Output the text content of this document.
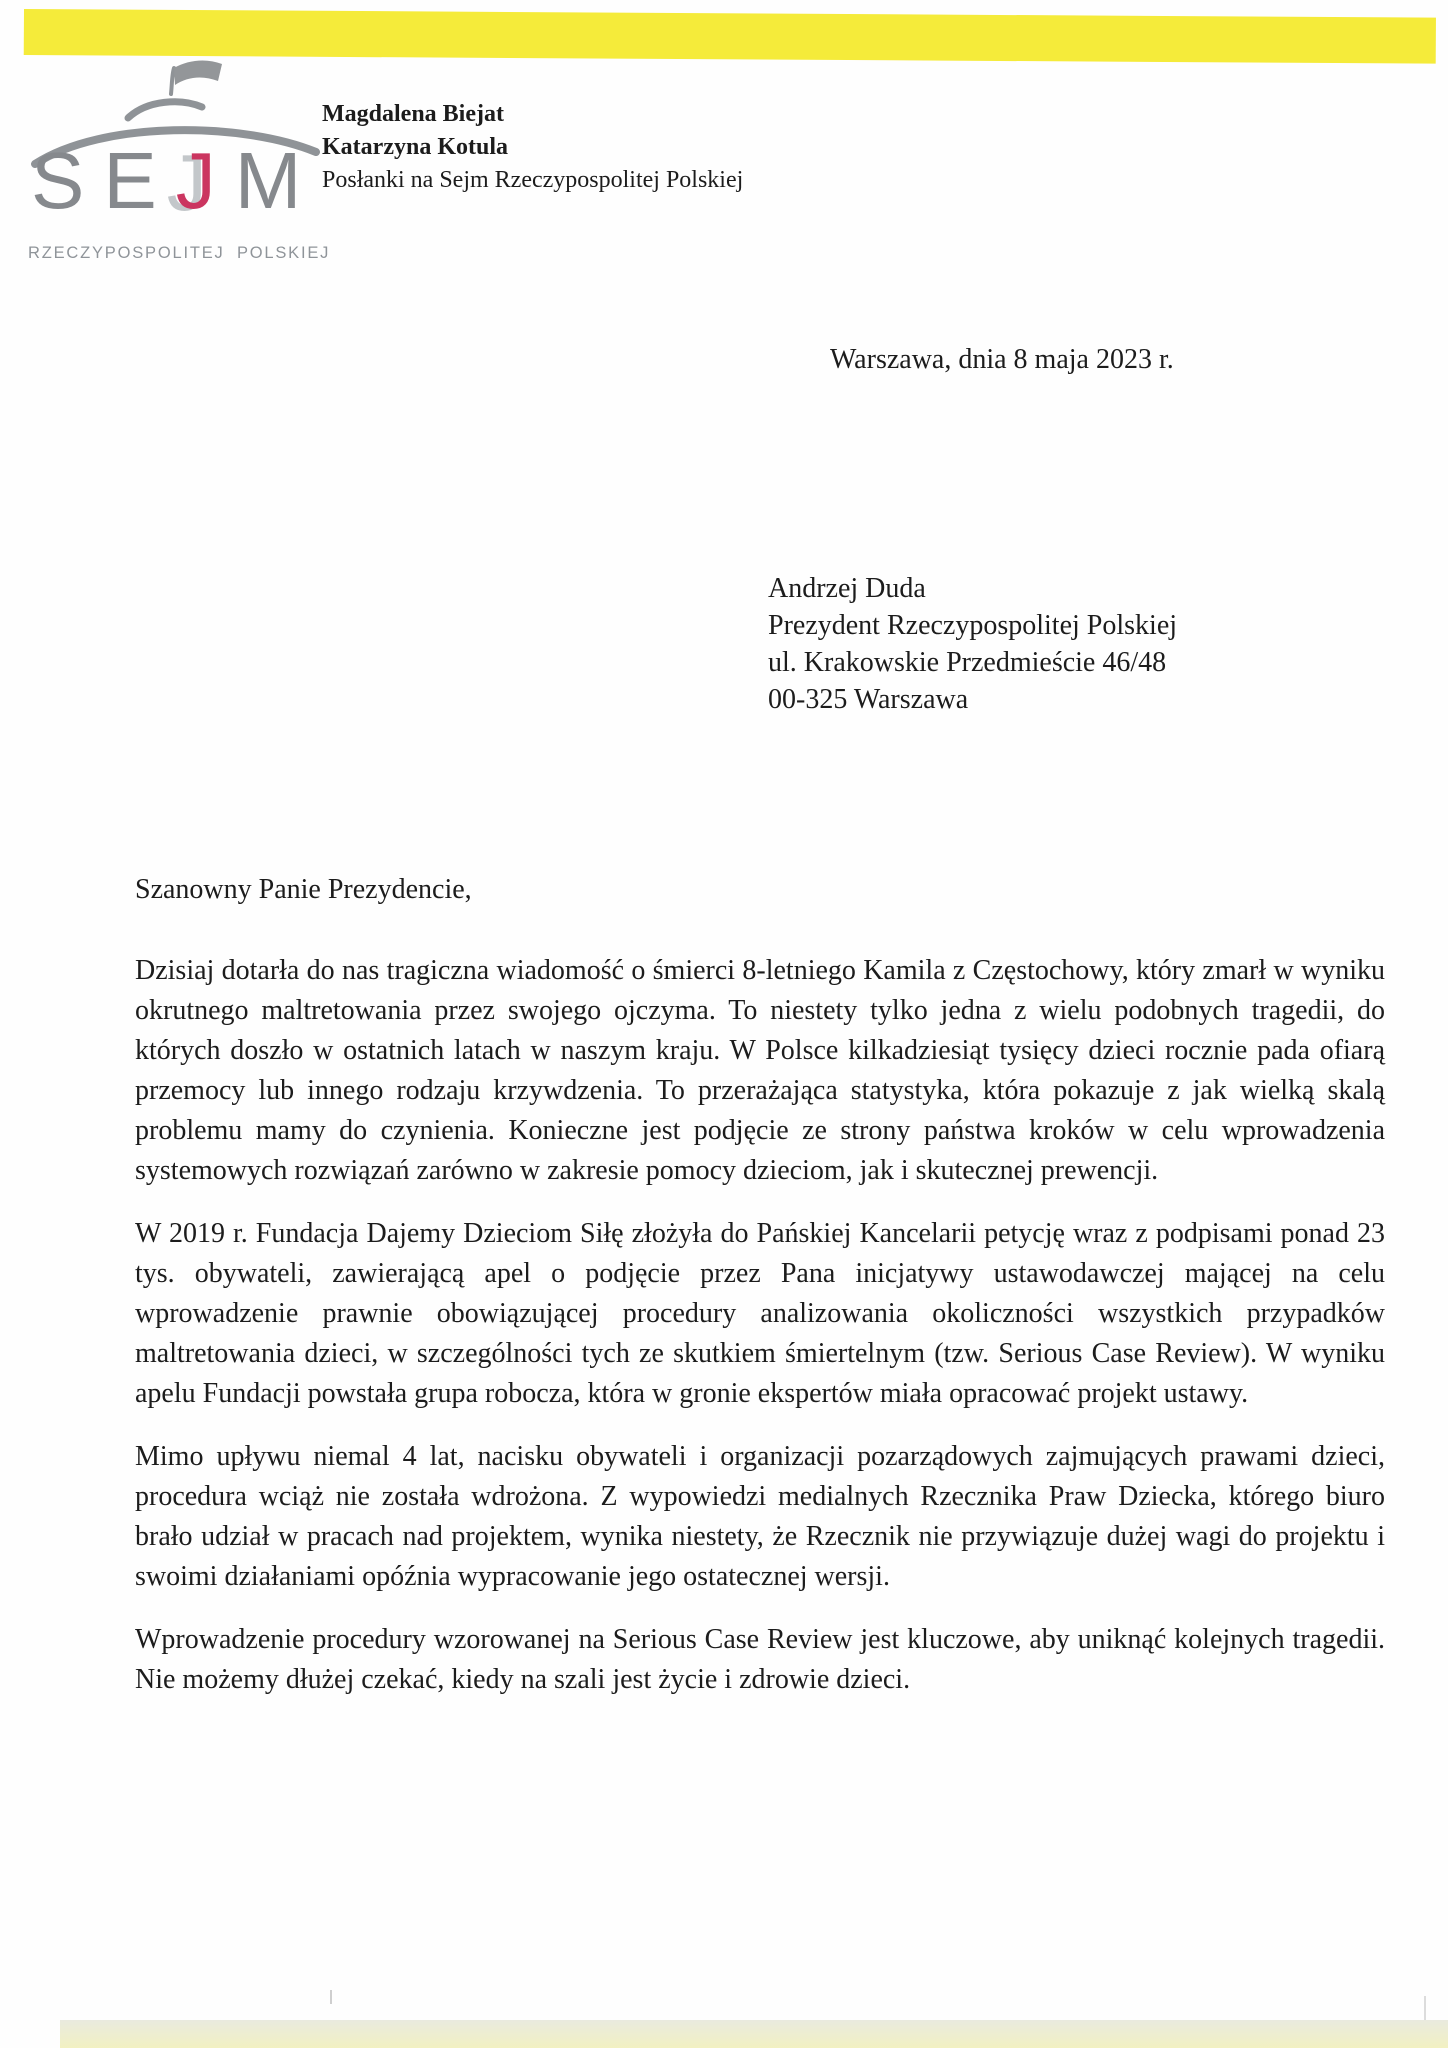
S E J M
RZECZYPOSPOLITEJ POLSKIEJ
Magdalena Biejat
Katarzyna Kotula
Posłanki na Sejm Rzeczypospolitej Polskiej
Warszawa, dnia 8 maja 2023 r.
Andrzej Duda
Prezydent Rzeczypospolitej Polskiej
ul. Krakowskie Przedmieście 46/48
00-325 Warszawa
Szanowny Panie Prezydencie,

Dzisiaj dotarła do nas tragiczna wiadomość o śmierci 8-letniego Kamila z Częstochowy, który zmarł w wyniku okrutnego maltretowania przez swojego ojczyma. To niestety tylko jedna z wielu podobnych tragedii, do których doszło w ostatnich latach w naszym kraju. W Polsce kilkadziesiąt tysięcy dzieci rocznie pada ofiarą przemocy lub innego rodzaju krzywdzenia. To przerażająca statystyka, która pokazuje z jak wielką skalą problemu mamy do czynienia. Konieczne jest podjęcie ze strony państwa kroków w celu wprowadzenia systemowych rozwiązań zarówno w zakresie pomocy dzieciom, jak i skutecznej prewencji.

W 2019 r. Fundacja Dajemy Dzieciom Siłę złożyła do Pańskiej Kancelarii petycję wraz z podpisami ponad 23 tys. obywateli, zawierającą apel o podjęcie przez Pana inicjatywy ustawodawczej mającej na celu wprowadzenie prawnie obowiązującej procedury analizowania okoliczności wszystkich przypadków maltretowania dzieci, w szczególności tych ze skutkiem śmiertelnym (tzw. Serious Case Review). W wyniku apelu Fundacji powstała grupa robocza, która w gronie ekspertów miała opracować projekt ustawy.

Mimo upływu niemal 4 lat, nacisku obywateli i organizacji pozarządowych zajmujących prawami dzieci, procedura wciąż nie została wdrożona. Z wypowiedzi medialnych Rzecznika Praw Dziecka, którego biuro brało udział w pracach nad projektem, wynika niestety, że Rzecznik nie przywiązuje dużej wagi do projektu i swoimi działaniami opóźnia wypracowanie jego ostatecznej wersji.

Wprowadzenie procedury wzorowanej na Serious Case Review jest kluczowe, aby uniknąć kolejnych tragedii. Nie możemy dłużej czekać, kiedy na szali jest życie i zdrowie dzieci.
